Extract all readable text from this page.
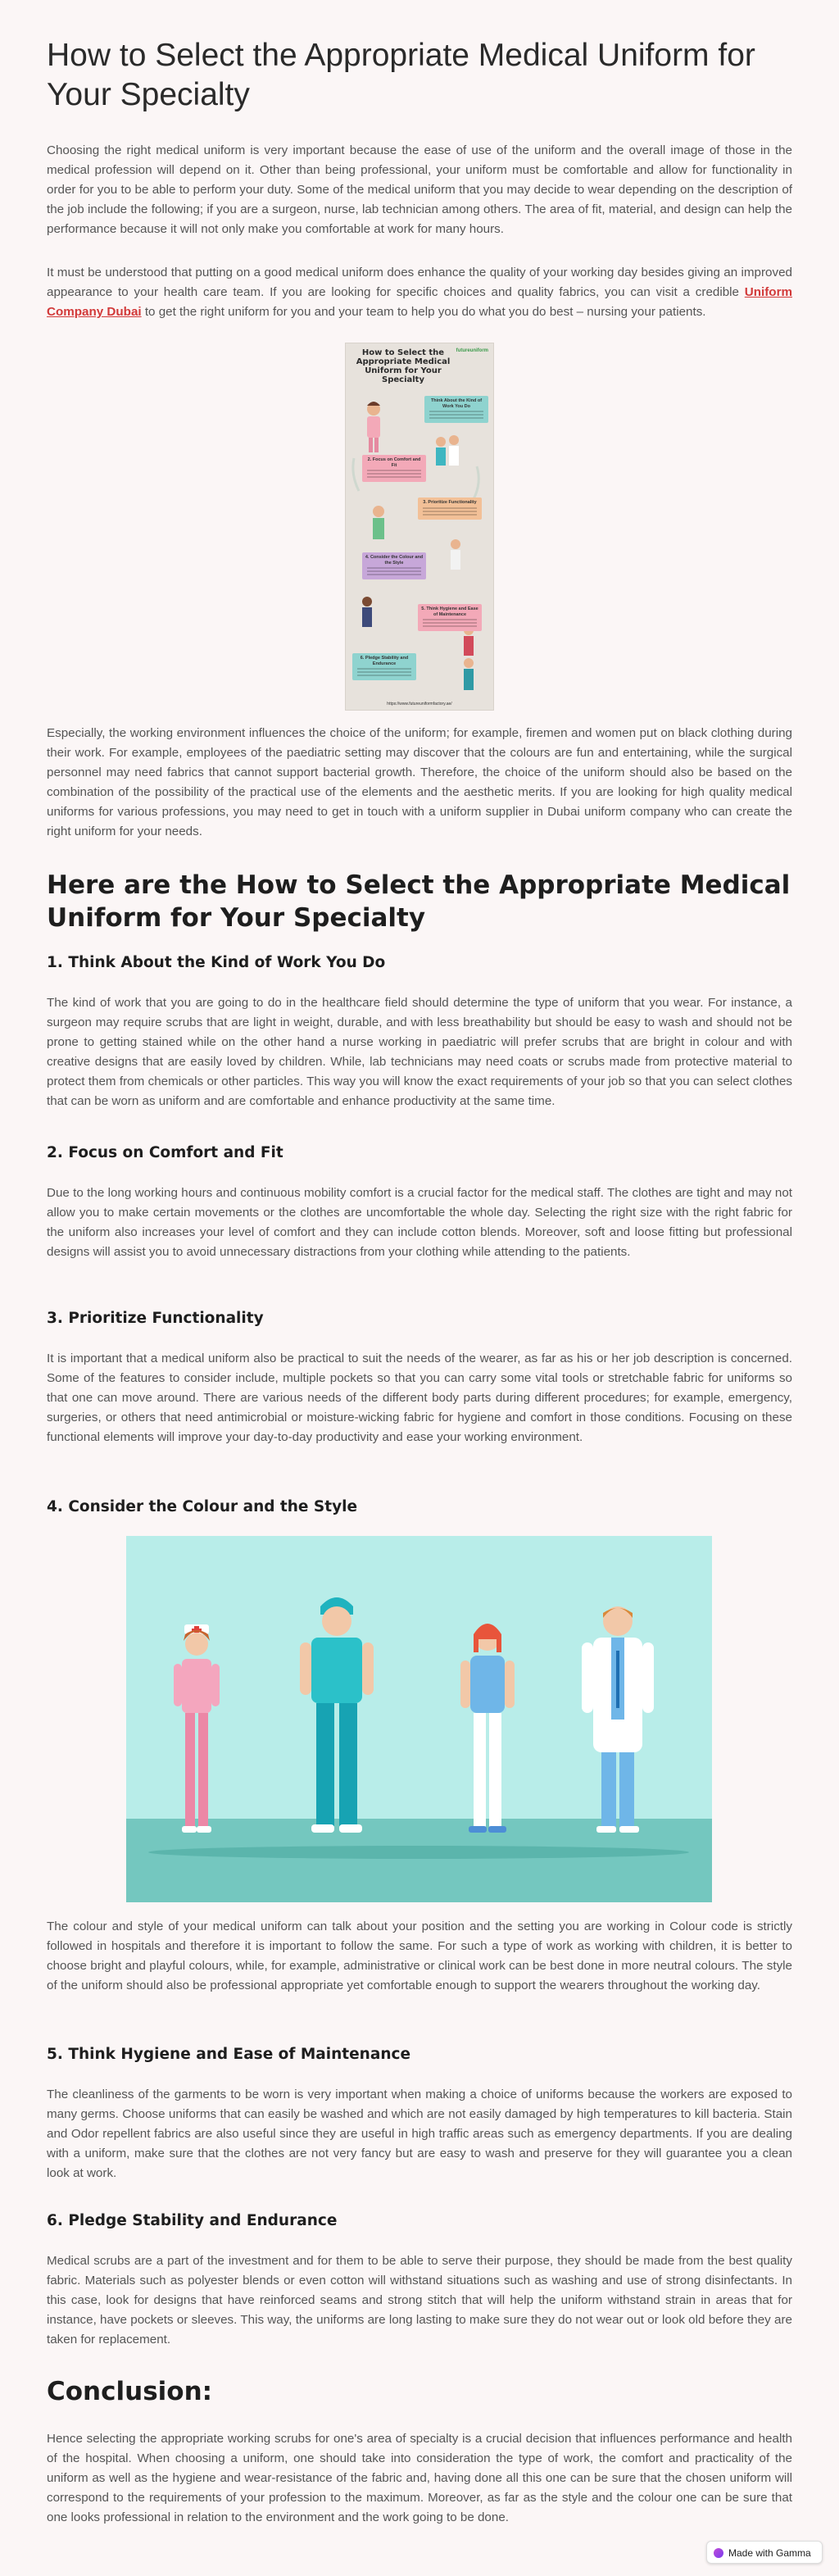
How to Select the Appropriate Medical Uniform for Your Specialty

Choosing the right medical uniform is very important because the ease of use of the uniform and the overall image of those in the medical profession will depend on it. Other than being professional, your uniform must be comfortable and allow for functionality in order for you to be able to perform your duty. Some of the medical uniform that you may decide to wear depending on the description of the job include the following; if you are a surgeon, nurse, lab technician among others. The area of fit, material, and design can help the performance because it will not only make you comfortable at work for many hours.

It must be understood that putting on a good medical uniform does enhance the quality of your working day besides giving an improved appearance to your health care team. If you are looking for specific choices and quality fabrics, you can visit a credible Uniform Company Dubai to get the right uniform for you and your team to help you do what you do best – nursing your patients.

How to Select the Appropriate Medical Uniform for Your Specialty
futureuniform
Think About the Kind of Work You Do
2. Focus on Comfort and Fit
3. Prioritize Functionality
4. Consider the Colour and the Style
5. Think Hygiene and Ease of Maintenance
6. Pledge Stability and Endurance
https://www.futureuniformfactory.ae/

Especially, the working environment influences the choice of the uniform; for example, firemen and women put on black clothing during their work. For example, employees of the paediatric setting may discover that the colours are fun and entertaining, while the surgical personnel may need fabrics that cannot support bacterial growth. Therefore, the choice of the uniform should also be based on the combination of the possibility of the practical use of the elements and the aesthetic merits. If you are looking for high quality medical uniforms for various professions, you may need to get in touch with a uniform supplier in Dubai uniform company who can create the right uniform for your needs.

Here are the How to Select the Appropriate Medical Uniform for Your Specialty
1. Think About the Kind of Work You Do

The kind of work that you are going to do in the healthcare field should determine the type of uniform that you wear. For instance, a surgeon may require scrubs that are light in weight, durable, and with less breathability but should be easy to wash and should not be prone to getting stained while on the other hand a nurse working in paediatric will prefer scrubs that are bright in colour and with creative designs that are easily loved by children. While, lab technicians may need coats or scrubs made from protective material to protect them from chemicals or other particles. This way you will know the exact requirements of your job so that you can select clothes that can be worn as uniform and are comfortable and enhance productivity at the same time.

2. Focus on Comfort and Fit

Due to the long working hours and continuous mobility comfort is a crucial factor for the medical staff. The clothes are tight and may not allow you to make certain movements or the clothes are uncomfortable the whole day. Selecting the right size with the right fabric for the uniform also increases your level of comfort and they can include cotton blends. Moreover, soft and loose fitting but professional designs will assist you to avoid unnecessary distractions from your clothing while attending to the patients.

3. Prioritize Functionality

It is important that a medical uniform also be practical to suit the needs of the wearer, as far as his or her job description is concerned. Some of the features to consider include, multiple pockets so that you can carry some vital tools or stretchable fabric for uniforms so that one can move around. There are various needs of the different body parts during different procedures; for example, emergency, surgeries, or others that need antimicrobial or moisture-wicking fabric for hygiene and comfort in those conditions. Focusing on these functional elements will improve your day-to-day productivity and ease your working environment.

4. Consider the Colour and the Style

The colour and style of your medical uniform can talk about your position and the setting you are working in Colour code is strictly followed in hospitals and therefore it is important to follow the same. For such a type of work as working with children, it is better to choose bright and playful colours, while, for example, administrative or clinical work can be best done in more neutral colours. The style of the uniform should also be professional appropriate yet comfortable enough to support the wearers throughout the working day.

5. Think Hygiene and Ease of Maintenance

The cleanliness of the garments to be worn is very important when making a choice of uniforms because the workers are exposed to many germs. Choose uniforms that can easily be washed and which are not easily damaged by high temperatures to kill bacteria. Stain and Odor repellent fabrics are also useful since they are useful in high traffic areas such as emergency departments. If you are dealing with a uniform, make sure that the clothes are not very fancy but are easy to wash and preserve for they will guarantee you a clean look at work.

6. Pledge Stability and Endurance

Medical scrubs are a part of the investment and for them to be able to serve their purpose, they should be made from the best quality fabric. Materials such as polyester blends or even cotton will withstand situations such as washing and use of strong disinfectants. In this case, look for designs that have reinforced seams and strong stitch that will help the uniform withstand strain in areas that for instance, have pockets or sleeves. This way, the uniforms are long lasting to make sure they do not wear out or look old before they are taken for replacement.

Conclusion:

Hence selecting the appropriate working scrubs for one's area of specialty is a crucial decision that influences performance and health of the hospital. When choosing a uniform, one should take into consideration the type of work, the comfort and practicality of the uniform as well as the hygiene and wear-resistance of the fabric and, having done all this one can be sure that the chosen uniform will correspond to the requirements of your profession to the maximum. Moreover, as far as the style and the colour one can be sure that one looks professional in relation to the environment and the work going to be done.

Made with Gamma
